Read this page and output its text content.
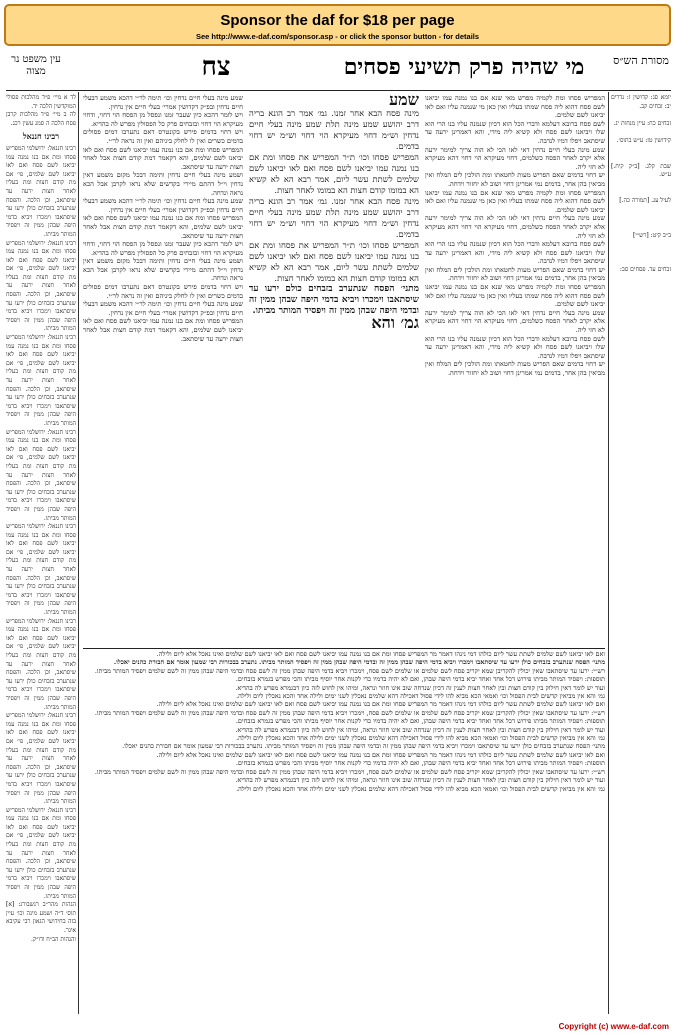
Sponsor the daf for $18 per page
See http://www.e-daf.com/sponsor.asp - or click the sponsor button - for details
מסורת הש״ס
מי שהיה פרק תשיעי פסחים
צח
עין משפט נר מצוה

יומא סג: קדושין ז: נדרים יב: זבחים קב.

זבחים כח: עיין מנחות יג.

קידושין טז: ע״ש בתוס׳.

שבת קלג. [ב״ק קיח.] ע״ש.

לעיל עג. [תמורה כה.]

ב״ב קיט: [רש״י]

זבחים עד. פסחים סב:

המפריש פסחו ומת לקמיה מפרש מאי שנא אם בנו נמנה עמו יביאנו לשם פסח דהוא ליה פסח שמתו בעליו ואין כאן מי שנמנה עליו ואם לאו יביאנו לשם שלמים.

לשם פסח ברובא דעלמא ודברי הכל הוא דכיון שנמנה עליו בנו הרי הוא שלו ויביאנו לשם פסח ולא קשיא ליה מידי, והא דאמרינן ירעה עד שיסתאב ויפלו דמיו לנדבה.

שמע מינה בעלי חיים נדחין דאי לאו הכי לא הוה צריך למימר ירעה אלא יקרב לאחר הפסח כשלמים, דחוי מעיקרא הוי דחוי דהא מעיקרא לא חזי ליה.

יש דחוי בדמים שאם הפריש מעות לחטאתו ומת הולכין לים המלח ואין מביאין בהן אחר, בדמים נמי אמרינן דחוי ושוב לא יחזור וידחה.

המפריש פסחו ומת לקמיה מפרש מאי שנא אם בנו נמנה עמו יביאנו לשם פסח דהוא ליה פסח שמתו בעליו ואין כאן מי שנמנה עליו ואם לאו יביאנו לשם שלמים.

שמע מינה בעלי חיים נדחין דאי לאו הכי לא הוה צריך למימר ירעה אלא יקרב לאחר הפסח כשלמים, דחוי מעיקרא הוי דחוי דהא מעיקרא לא חזי ליה.

לשם פסח ברובא דעלמא ודברי הכל הוא דכיון שנמנה עליו בנו הרי הוא שלו ויביאנו לשם פסח ולא קשיא ליה מידי, והא דאמרינן ירעה עד שיסתאב ויפלו דמיו לנדבה.

יש דחוי בדמים שאם הפריש מעות לחטאתו ומת הולכין לים המלח ואין מביאין בהן אחר, בדמים נמי אמרינן דחוי ושוב לא יחזור וידחה.

המפריש פסחו ומת לקמיה מפרש מאי שנא אם בנו נמנה עמו יביאנו לשם פסח דהוא ליה פסח שמתו בעליו ואין כאן מי שנמנה עליו ואם לאו יביאנו לשם שלמים.

שמע מינה בעלי חיים נדחין דאי לאו הכי לא הוה צריך למימר ירעה אלא יקרב לאחר הפסח כשלמים, דחוי מעיקרא הוי דחוי דהא מעיקרא לא חזי ליה.

לשם פסח ברובא דעלמא ודברי הכל הוא דכיון שנמנה עליו בנו הרי הוא שלו ויביאנו לשם פסח ולא קשיא ליה מידי, והא דאמרינן ירעה עד שיסתאב ויפלו דמיו לנדבה.

יש דחוי בדמים שאם הפריש מעות לחטאתו ומת הולכין לים המלח ואין מביאין בהן אחר, בדמים נמי אמרינן דחוי ושוב לא יחזור וידחה.

שמע

מינה פסח הבא אחר זמנו. גמ׳ אמר רב הונא בריה דרב יהושע שמע מינה תלת שמע מינה בעלי חיים נדחין וש״מ דחוי מעיקרא הוי דחוי וש״מ יש דחוי בדמים.

המפריש פסחו וכו׳ ת״ר המפריש את פסחו ומת אם בנו נמנה עמו יביאנו לשם פסח ואם לאו יביאנו לשם שלמים לשתת עשר ליום, אמר רבא הא לא קשיא הא במומו קודם חצות הא במומו לאחר חצות.

מינה פסח הבא אחר זמנו. גמ׳ אמר רב הונא בריה דרב יהושע שמע מינה תלת שמע מינה בעלי חיים נדחין וש״מ דחוי מעיקרא הוי דחוי וש״מ יש דחוי בדמים.

המפריש פסחו וכו׳ ת״ר המפריש את פסחו ומת אם בנו נמנה עמו יביאנו לשם פסח ואם לאו יביאנו לשם שלמים לשתת עשר ליום, אמר רבא הא לא קשיא הא במומו קודם חצות הא במומו לאחר חצות.

מתני׳ הפסח שנתערב בזבחים כולם ירעו עד שיסתאבו וימכרו ויביא בדמי היפה שבהן ממין זה ובדמי היפה שבהן ממין זה ויפסיד המותר מביתו.

גמ׳ והא

שמע מינה בעלי חיים נדחין וכו׳ תימה לר״י דהכא משמע דבעלי חיים נדחין ובפ״ק דקדושין אמרי׳ בעלי חיים אין נדחין.

ויש לומר דהכא כיון שעבר זמנו ונפסל מן הפסח הוי דחוי, ודחוי מעיקרא הוי דחוי ובזבחים פרק כל הפסולין מפרש לה בהדיא.

ויש דחוי בדמים פירש בקונטרס דאם נתערבו דמים פסולים בדמים כשרים ואין לו לחלק ביניהם ואין זה נראה לר״י.

המפריש פסחו ומת אם בנו נמנה עמו יביאנו לשם פסח ואם לאו יביאנו לשם שלמים, והא דקאמר דמת קודם חצות אבל לאחר חצות ירעה עד שיסתאב.

ושמע מינה בעלי חיים נדחין ותימה דבכל מקום משמע דאין נדחין וי״ל דהתם מיירי בקדשים שלא נראו לקרבן אבל הכא נראה ונדחה.

שמע מינה בעלי חיים נדחין וכו׳ תימה לר״י דהכא משמע דבעלי חיים נדחין ובפ״ק דקדושין אמרי׳ בעלי חיים אין נדחין.

המפריש פסחו ומת אם בנו נמנה עמו יביאנו לשם פסח ואם לאו יביאנו לשם שלמים, והא דקאמר דמת קודם חצות אבל לאחר חצות ירעה עד שיסתאב.

ויש לומר דהכא כיון שעבר זמנו ונפסל מן הפסח הוי דחוי, ודחוי מעיקרא הוי דחוי ובזבחים פרק כל הפסולין מפרש לה בהדיא.

ושמע מינה בעלי חיים נדחין ותימה דבכל מקום משמע דאין נדחין וי״ל דהתם מיירי בקדשים שלא נראו לקרבן אבל הכא נראה ונדחה.

ויש דחוי בדמים פירש בקונטרס דאם נתערבו דמים פסולים בדמים כשרים ואין לו לחלק ביניהם ואין זה נראה לר״י.

שמע מינה בעלי חיים נדחין וכו׳ תימה לר״י דהכא משמע דבעלי חיים נדחין ובפ״ק דקדושין אמרי׳ בעלי חיים אין נדחין.

המפריש פסחו ומת אם בנו נמנה עמו יביאנו לשם פסח ואם לאו יביאנו לשם שלמים, והא דקאמר דמת קודם חצות אבל לאחר חצות ירעה עד שיסתאב.

לד א מיי׳ פ״ד מהלכות פסולי המוקדשין הלכה יד.

לה ב מיי׳ פ״ד מהלכות קרבן פסח הלכה ה סמג עשין רכג.

רבינו חננאל

רבינו חננאל: ירושלמי המפריש פסחו ומת אם בנו נמנה עמו יביאנו לשם פסח ואם לאו יביאנו לשם שלמים, פי׳ אם מת קודם חצות ומת בעליו לאחר חצות ירעה עד שיסתאב, וכן הלכה. והפסח שנתערב בזבחים כולן ירעו עד שיסתאבו וימכרו ויביא בדמי היפה שבהן ממין זה ויפסיד המותר מביתו.

רבינו חננאל: ירושלמי המפריש פסחו ומת אם בנו נמנה עמו יביאנו לשם פסח ואם לאו יביאנו לשם שלמים, פי׳ אם מת קודם חצות ומת בעליו לאחר חצות ירעה עד שיסתאב, וכן הלכה. והפסח שנתערב בזבחים כולן ירעו עד שיסתאבו וימכרו ויביא בדמי היפה שבהן ממין זה ויפסיד המותר מביתו.

רבינו חננאל: ירושלמי המפריש פסחו ומת אם בנו נמנה עמו יביאנו לשם פסח ואם לאו יביאנו לשם שלמים, פי׳ אם מת קודם חצות ומת בעליו לאחר חצות ירעה עד שיסתאב, וכן הלכה. והפסח שנתערב בזבחים כולן ירעו עד שיסתאבו וימכרו ויביא בדמי היפה שבהן ממין זה ויפסיד המותר מביתו.

רבינו חננאל: ירושלמי המפריש פסחו ומת אם בנו נמנה עמו יביאנו לשם פסח ואם לאו יביאנו לשם שלמים, פי׳ אם מת קודם חצות ומת בעליו לאחר חצות ירעה עד שיסתאב, וכן הלכה. והפסח שנתערב בזבחים כולן ירעו עד שיסתאבו וימכרו ויביא בדמי היפה שבהן ממין זה ויפסיד המותר מביתו.

רבינו חננאל: ירושלמי המפריש פסחו ומת אם בנו נמנה עמו יביאנו לשם פסח ואם לאו יביאנו לשם שלמים, פי׳ אם מת קודם חצות ומת בעליו לאחר חצות ירעה עד שיסתאב, וכן הלכה. והפסח שנתערב בזבחים כולן ירעו עד שיסתאבו וימכרו ויביא בדמי היפה שבהן ממין זה ויפסיד המותר מביתו.

רבינו חננאל: ירושלמי המפריש פסחו ומת אם בנו נמנה עמו יביאנו לשם פסח ואם לאו יביאנו לשם שלמים, פי׳ אם מת קודם חצות ומת בעליו לאחר חצות ירעה עד שיסתאב, וכן הלכה. והפסח שנתערב בזבחים כולן ירעו עד שיסתאבו וימכרו ויביא בדמי היפה שבהן ממין זה ויפסיד המותר מביתו.

רבינו חננאל: ירושלמי המפריש פסחו ומת אם בנו נמנה עמו יביאנו לשם פסח ואם לאו יביאנו לשם שלמים, פי׳ אם מת קודם חצות ומת בעליו לאחר חצות ירעה עד שיסתאב, וכן הלכה. והפסח שנתערב בזבחים כולן ירעו עד שיסתאבו וימכרו ויביא בדמי היפה שבהן ממין זה ויפסיד המותר מביתו.

רבינו חננאל: ירושלמי המפריש פסחו ומת אם בנו נמנה עמו יביאנו לשם פסח ואם לאו יביאנו לשם שלמים, פי׳ אם מת קודם חצות ומת בעליו לאחר חצות ירעה עד שיסתאב, וכן הלכה. והפסח שנתערב בזבחים כולן ירעו עד שיסתאבו וימכרו ויביא בדמי היפה שבהן ממין זה ויפסיד המותר מביתו.

הגהות מהר״ב רנשבורג: [א] תוס׳ ד״ה ושמע מינה וכו׳ עיין בזה בחידושי הגאון רבי עקיבא איגר.

והגהות הב״ח ודו״ק.

ואם לאו יביאנו לשם שלמים לשתת עשר ליום כולהו דמי נינהו דאמר מר המפריש פסחו ומת אם בנו נמנה עמו יביאנו לשם פסח ואם לאו יביאנו לשם שלמים ואינו נאכל אלא ליום ולילה.

מתני׳ הפסח שנתערב בזבחים כולן ירעו עד שיסתאבו וימכרו ויביא בדמי היפה שבהן ממין זה ובדמי היפה שבהן ממין זה ויפסיד המותר מביתו. נתערב בבכורות רבי שמעון אומר אם חבורת כהנים יאכלו.

רש״י: ירעו עד שיסתאבו שאין יכולין להקריבן שמא יקריב פסח לשם שלמים או שלמים לשם פסח, וימכרו ויביא בדמי היפה שבהן ממין זה לשם פסח ובדמי היפה שבהן ממין זה לשם שלמים ויפסיד המותר מביתו.

תוספות: ויפסיד המותר מביתו פירוש דכל אחד ואחד יביא בדמי היפה שבהן, ואם לא יהיה בדמיו כדי לקנות אחר יוסיף מביתו והכי מפרש בגמרא בזבחים.

ועוד יש לומר דאין חילוק בין קודם חצות ובין לאחר חצות לענין זה דכיון שנדחה שוב אינו חוזר ונראה, ומיהו אין לחוש לזה כיון דבגמרא מפרש לה בהדיא.

גמ׳ והא אין מביאין קדשים לבית הפסול וכו׳ ואמאי הכא מביא להו לידי פסול דאכילה דהא שלמים נאכלין לשני ימים ולילה אחד והכא נאכלין ליום ולילה.

ואם לאו יביאנו לשם שלמים לשתת עשר ליום כולהו דמי נינהו דאמר מר המפריש פסחו ומת אם בנו נמנה עמו יביאנו לשם פסח ואם לאו יביאנו לשם שלמים ואינו נאכל אלא ליום ולילה.

רש״י: ירעו עד שיסתאבו שאין יכולין להקריבן שמא יקריב פסח לשם שלמים או שלמים לשם פסח, וימכרו ויביא בדמי היפה שבהן ממין זה לשם פסח ובדמי היפה שבהן ממין זה לשם שלמים ויפסיד המותר מביתו.

תוספות: ויפסיד המותר מביתו פירוש דכל אחד ואחד יביא בדמי היפה שבהן, ואם לא יהיה בדמיו כדי לקנות אחר יוסיף מביתו והכי מפרש בגמרא בזבחים.

ועוד יש לומר דאין חילוק בין קודם חצות ובין לאחר חצות לענין זה דכיון שנדחה שוב אינו חוזר ונראה, ומיהו אין לחוש לזה כיון דבגמרא מפרש לה בהדיא.

גמ׳ והא אין מביאין קדשים לבית הפסול וכו׳ ואמאי הכא מביא להו לידי פסול דאכילה דהא שלמים נאכלין לשני ימים ולילה אחד והכא נאכלין ליום ולילה.

מתני׳ הפסח שנתערב בזבחים כולן ירעו עד שיסתאבו וימכרו ויביא בדמי היפה שבהן ממין זה ובדמי היפה שבהן ממין זה ויפסיד המותר מביתו. נתערב בבכורות רבי שמעון אומר אם חבורת כהנים יאכלו.

ואם לאו יביאנו לשם שלמים לשתת עשר ליום כולהו דמי נינהו דאמר מר המפריש פסחו ומת אם בנו נמנה עמו יביאנו לשם פסח ואם לאו יביאנו לשם שלמים ואינו נאכל אלא ליום ולילה.

תוספות: ויפסיד המותר מביתו פירוש דכל אחד ואחד יביא בדמי היפה שבהן, ואם לא יהיה בדמיו כדי לקנות אחר יוסיף מביתו והכי מפרש בגמרא בזבחים.

רש״י: ירעו עד שיסתאבו שאין יכולין להקריבן שמא יקריב פסח לשם שלמים או שלמים לשם פסח, וימכרו ויביא בדמי היפה שבהן ממין זה לשם פסח ובדמי היפה שבהן ממין זה לשם שלמים ויפסיד המותר מביתו.

ועוד יש לומר דאין חילוק בין קודם חצות ובין לאחר חצות לענין זה דכיון שנדחה שוב אינו חוזר ונראה, ומיהו אין לחוש לזה כיון דבגמרא מפרש לה בהדיא.

גמ׳ והא אין מביאין קדשים לבית הפסול וכו׳ ואמאי הכא מביא להו לידי פסול דאכילה דהא שלמים נאכלין לשני ימים ולילה אחד והכא נאכלין ליום ולילה.

Copyright (c) www.e-daf.com
